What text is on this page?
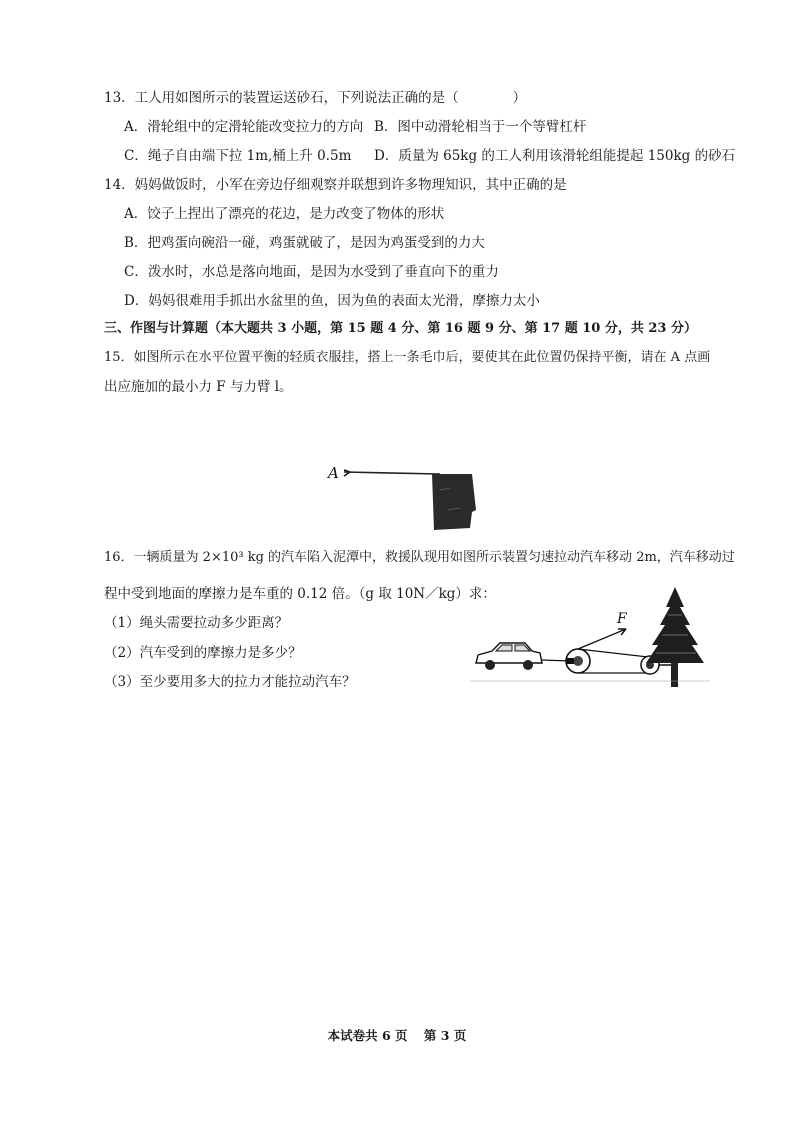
13．工人用如图所示的装置运送砂石，下列说法正确的是（　　　　）
A．滑轮组中的定滑轮能改变拉力的方向 B．图中动滑轮相当于一个等臂杠杆
C．绳子自由端下拉 1m,桶上升 0.5m D．质量为 65kg 的工人利用该滑轮组能提起 150kg 的砂石
14．妈妈做饭时，小军在旁边仔细观察并联想到许多物理知识，其中正确的是
A．饺子上捏出了漂亮的花边，是力改变了物体的形状
B．把鸡蛋向碗沿一碰，鸡蛋就破了，是因为鸡蛋受到的力大
C．泼水时，水总是落向地面，是因为水受到了垂直向下的重力
D．妈妈很难用手抓出水盆里的鱼，因为鱼的表面太光滑，摩擦力太小
三、作图与计算题（本大题共 3 小题，第 15 题 4 分、第 16 题 9 分、第 17 题 10 分，共 23 分）
15．如图所示在水平位置平衡的轻质衣服挂，搭上一条毛巾后，要使其在此位置仍保持平衡，请在 A 点画
出应施加的最小力 F 与力臂 l。
A
16．一辆质量为 2×10³ kg 的汽车陷入泥潭中，救援队现用如图所示装置匀速拉动汽车移动 2m，汽车移动过
程中受到地面的摩擦力是车重的 0.12 倍。（g 取 10N／kg）求：
（1）绳头需要拉动多少距离？
（2）汽车受到的摩擦力是多少？
（3）至少要用多大的拉力才能拉动汽车？
F
本试卷共 6 页 第 3 页
